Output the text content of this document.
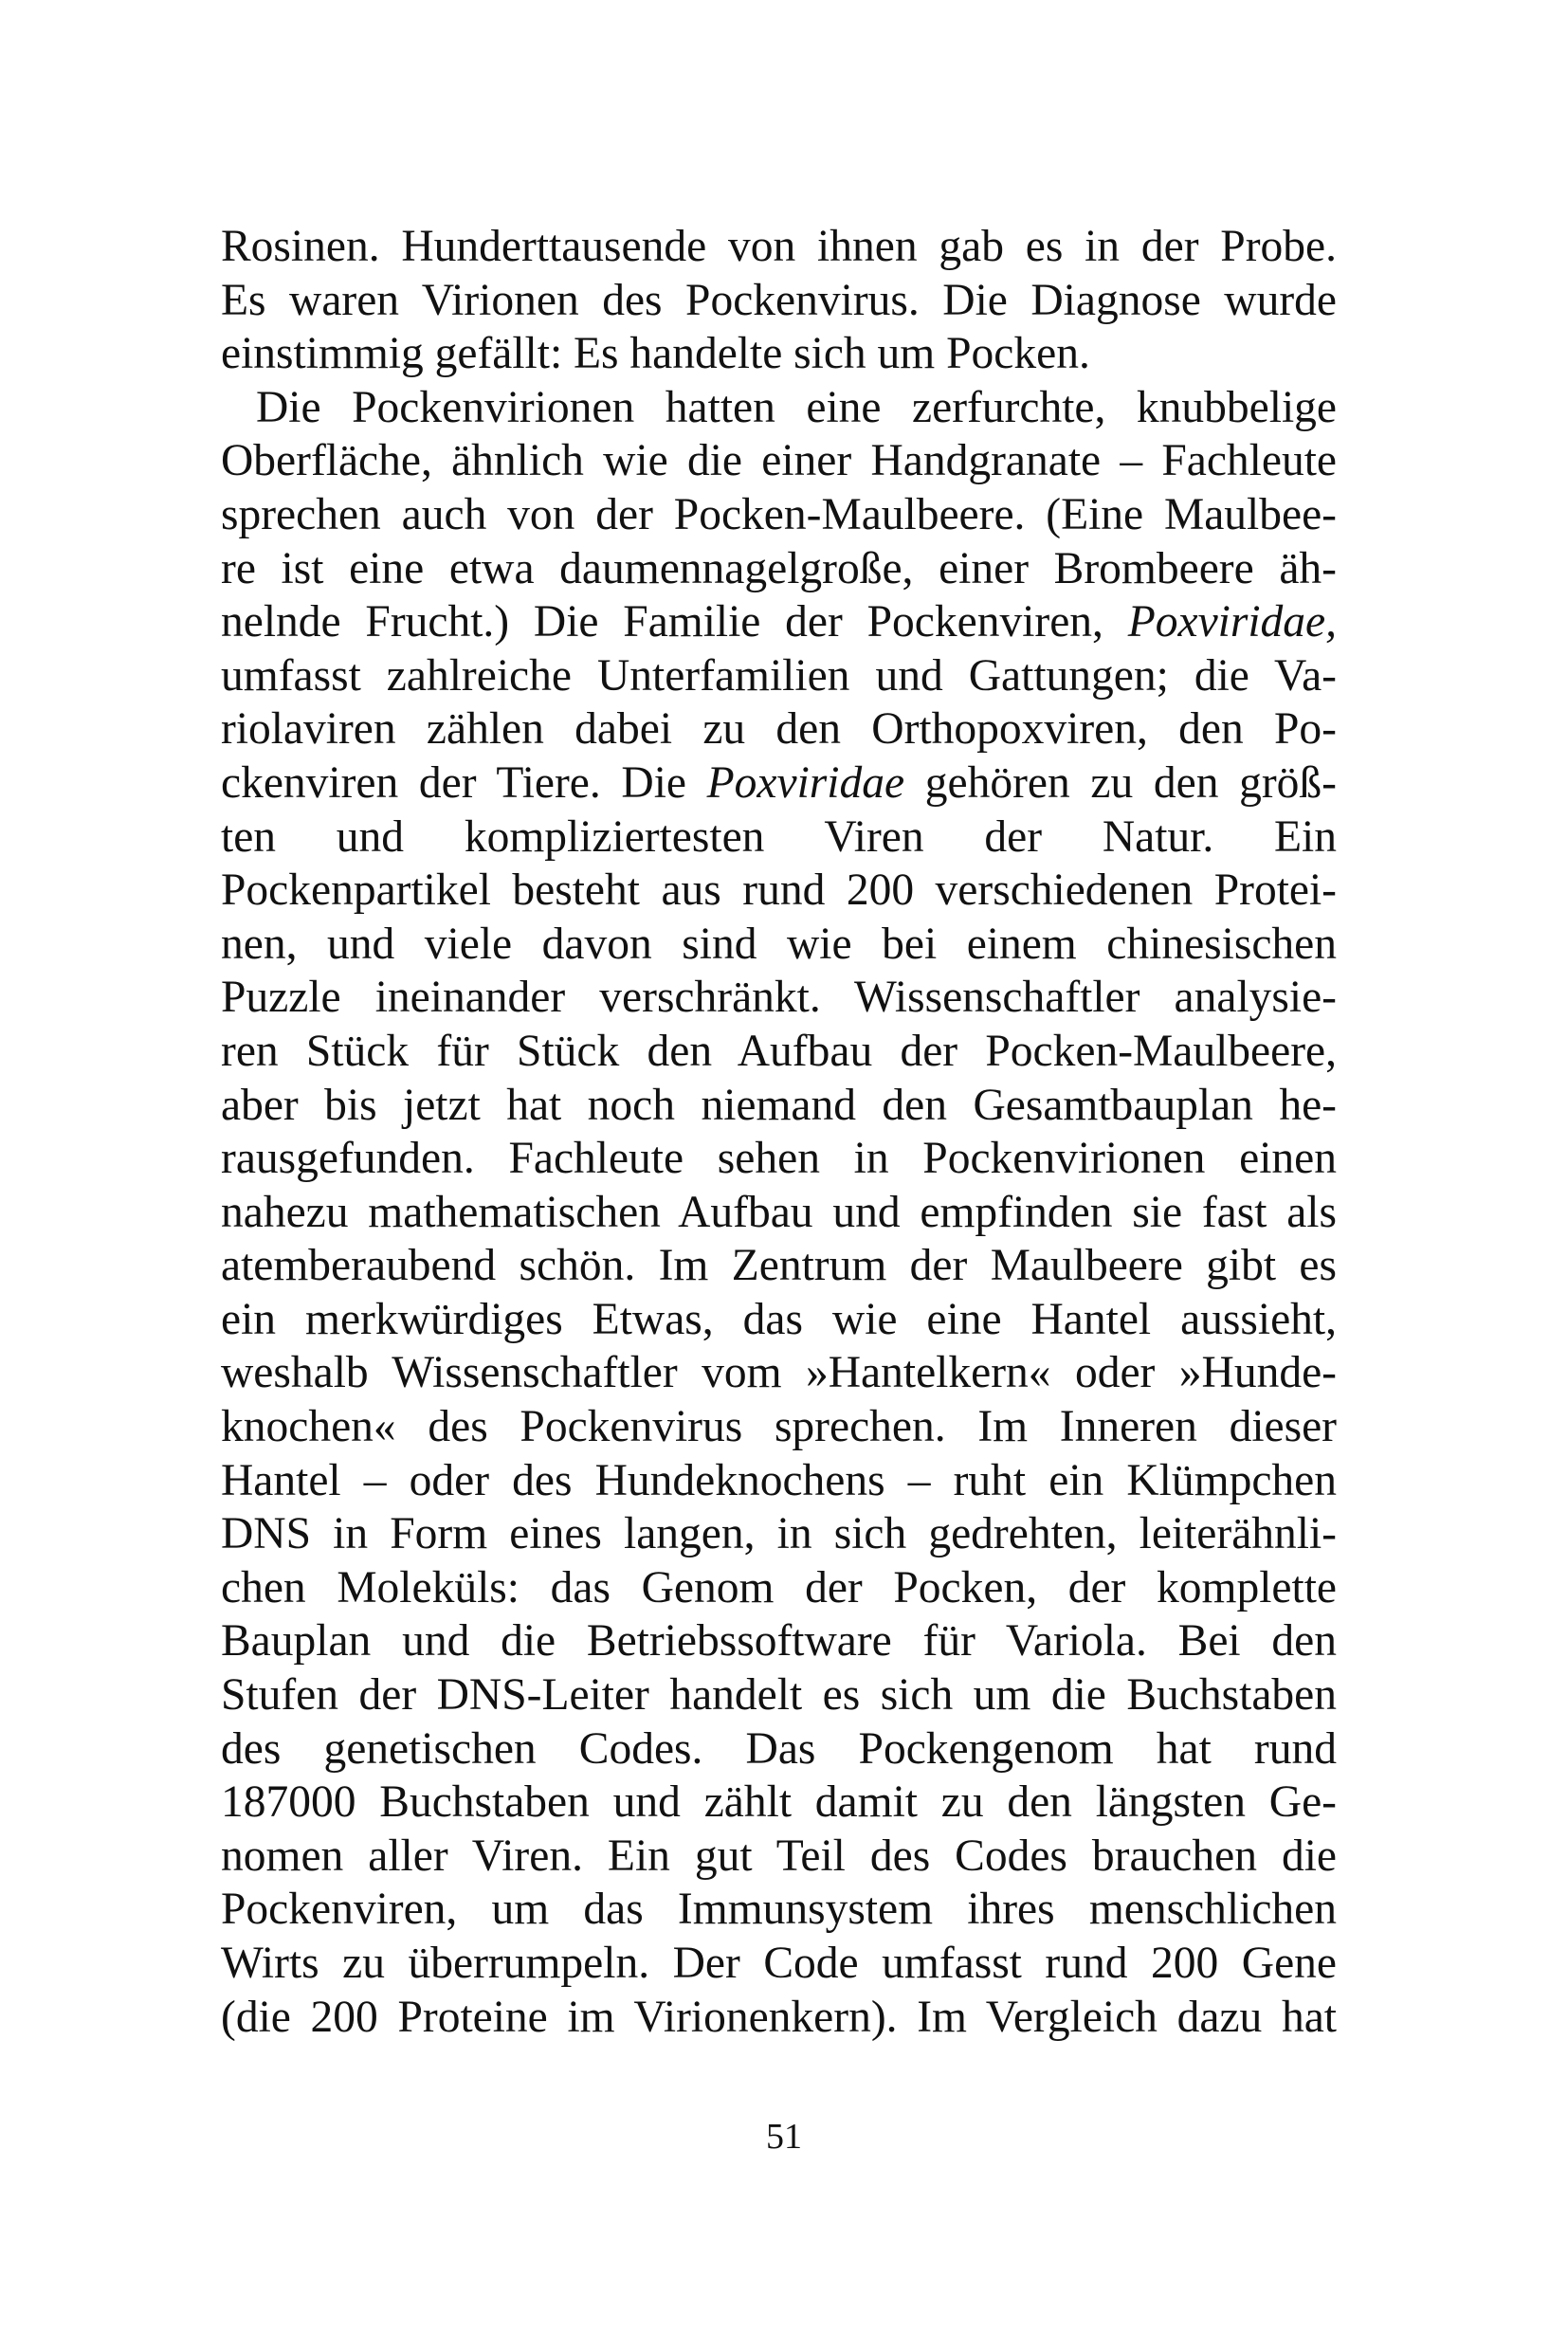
Rosinen. Hunderttausende von ihnen gab es in der Probe.
Es waren Virionen des Pockenvirus. Die Diagnose wurde
einstimmig gefällt: Es handelte sich um Pocken.
Die Pockenvirionen hatten eine zerfurchte, knubbelige
Oberfläche, ähnlich wie die einer Handgranate – Fachleute
sprechen auch von der Pocken-Maulbeere. (Eine Maulbee-
re ist eine etwa daumennagelgroße, einer Brombeere äh-
nelnde Frucht.) Die Familie der Pockenviren, Poxviridae,
umfasst zahlreiche Unterfamilien und Gattungen; die Va-
riolaviren zählen dabei zu den Orthopoxviren, den Po-
ckenviren der Tiere. Die Poxviridae gehören zu den größ-
ten und kompliziertesten Viren der Natur. Ein
Pockenpartikel besteht aus rund 200 verschiedenen Protei-
nen, und viele davon sind wie bei einem chinesischen
Puzzle ineinander verschränkt. Wissenschaftler analysie-
ren Stück für Stück den Aufbau der Pocken-Maulbeere,
aber bis jetzt hat noch niemand den Gesamtbauplan he-
rausgefunden. Fachleute sehen in Pockenvirionen einen
nahezu mathematischen Aufbau und empfinden sie fast als
atemberaubend schön. Im Zentrum der Maulbeere gibt es
ein merkwürdiges Etwas, das wie eine Hantel aussieht,
weshalb Wissenschaftler vom »Hantelkern« oder »Hunde-
knochen« des Pockenvirus sprechen. Im Inneren dieser
Hantel – oder des Hundeknochens – ruht ein Klümpchen
DNS in Form eines langen, in sich gedrehten, leiterähnli-
chen Moleküls: das Genom der Pocken, der komplette
Bauplan und die Betriebssoftware für Variola. Bei den
Stufen der DNS-Leiter handelt es sich um die Buchstaben
des genetischen Codes. Das Pockengenom hat rund
187000 Buchstaben und zählt damit zu den längsten Ge-
nomen aller Viren. Ein gut Teil des Codes brauchen die
Pockenviren, um das Immunsystem ihres menschlichen
Wirts zu überrumpeln. Der Code umfasst rund 200 Gene
(die 200 Proteine im Virionenkern). Im Vergleich dazu hat
51
